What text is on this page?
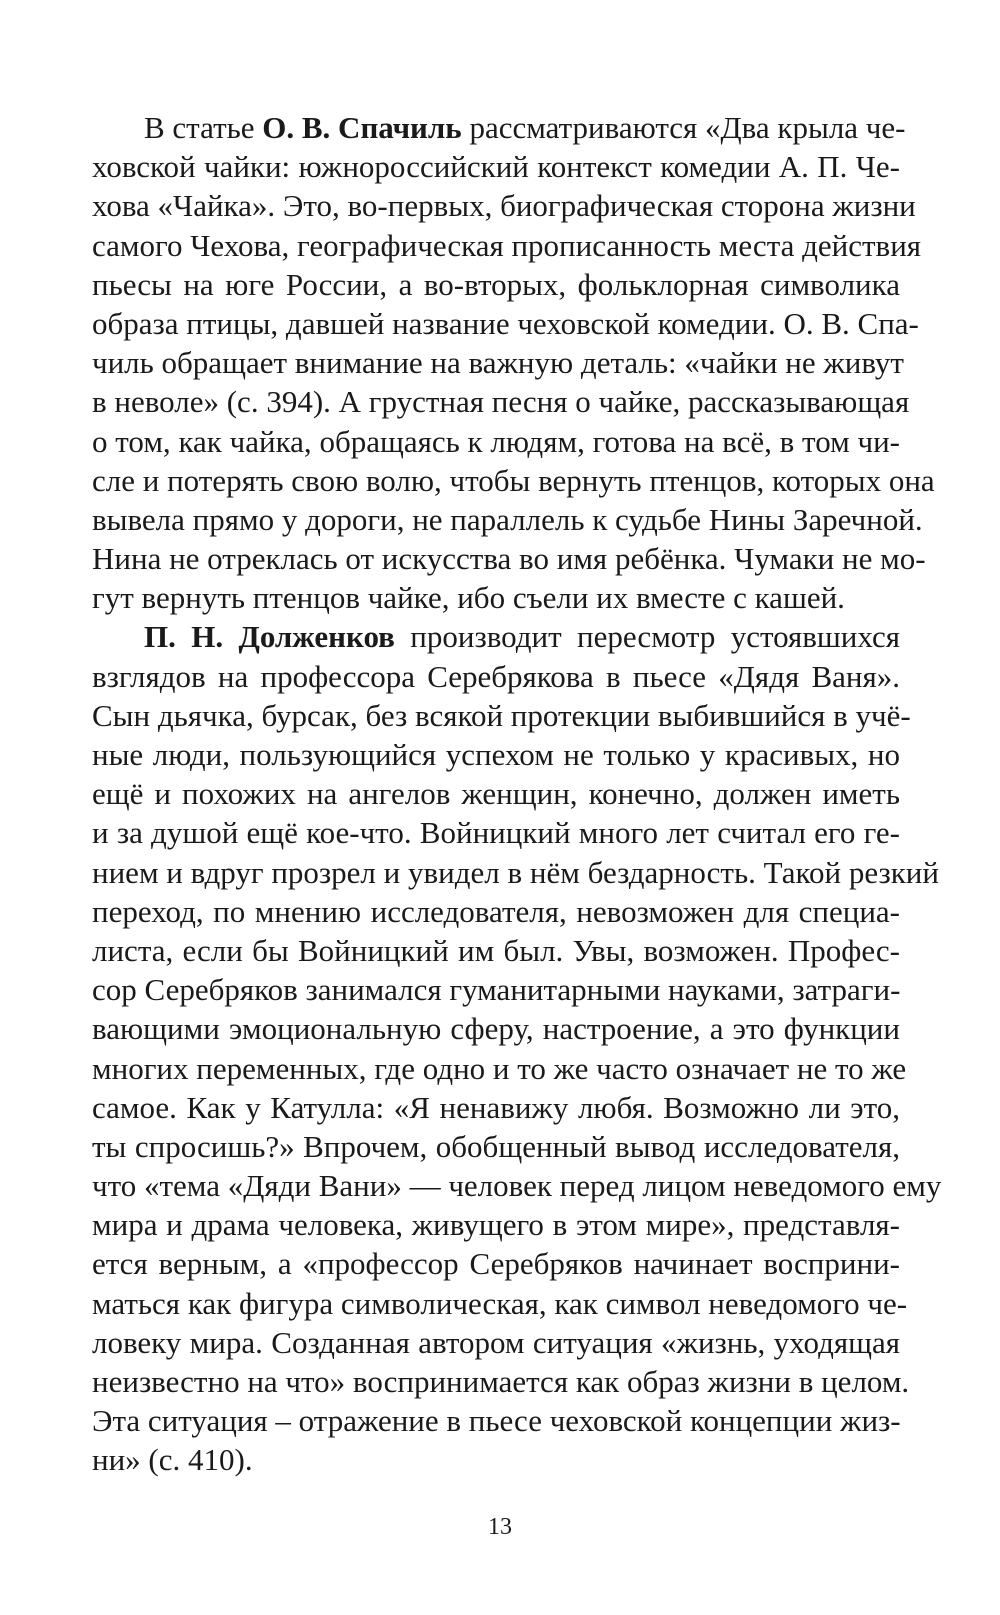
В статье О. В. Спачиль рассматриваются «Два крыла че-
ховской чайки: южнороссийский контекст комедии А. П. Че-
хова «Чайка». Это, во-первых, биографическая сторона жизни
самого Чехова, географическая прописанность места действия
пьесы на юге России, а во-вторых, фольклорная символика
образа птицы, давшей название чеховской комедии. О. В. Спа-
чиль обращает внимание на важную деталь: «чайки не живут
в неволе» (с. 394). А грустная песня о чайке, рассказывающая
о том, как чайка, обращаясь к людям, готова на всё, в том чи-
сле и потерять свою волю, чтобы вернуть птенцов, которых она
вывела прямо у дороги, не параллель к судьбе Нины Заречной.
Нина не отреклась от искусства во имя ребёнка. Чумаки не мо-
гут вернуть птенцов чайке, ибо съели их вместе с кашей.
П. Н. Долженков производит пересмотр устоявшихся
взглядов на профессора Серебрякова в пьесе «Дядя Ваня».
Сын дьячка, бурсак, без всякой протекции выбившийся в учё-
ные люди, пользующийся успехом не только у красивых, но
ещё и похожих на ангелов женщин, конечно, должен иметь
и за душой ещё кое-что. Войницкий много лет считал его ге-
нием и вдруг прозрел и увидел в нём бездарность. Такой резкий
переход, по мнению исследователя, невозможен для специа-
листа, если бы Войницкий им был. Увы, возможен. Профес-
сор Серебряков занимался гуманитарными науками, затраги-
вающими эмоциональную сферу, настроение, а это функции
многих переменных, где одно и то же часто означает не то же
самое. Как у Катулла: «Я ненавижу любя. Возможно ли это,
ты спросишь?» Впрочем, обобщенный вывод исследователя,
что «тема «Дяди Вани» — человек перед лицом неведомого ему
мира и драма человека, живущего в этом мире», представля-
ется верным, а «профессор Серебряков начинает восприни-
маться как фигура символическая, как символ неведомого че-
ловеку мира. Созданная автором ситуация «жизнь, уходящая
неизвестно на что» воспринимается как образ жизни в целом.
Эта ситуация – отражение в пьесе чеховской концепции жиз-
ни» (с. 410).
13
